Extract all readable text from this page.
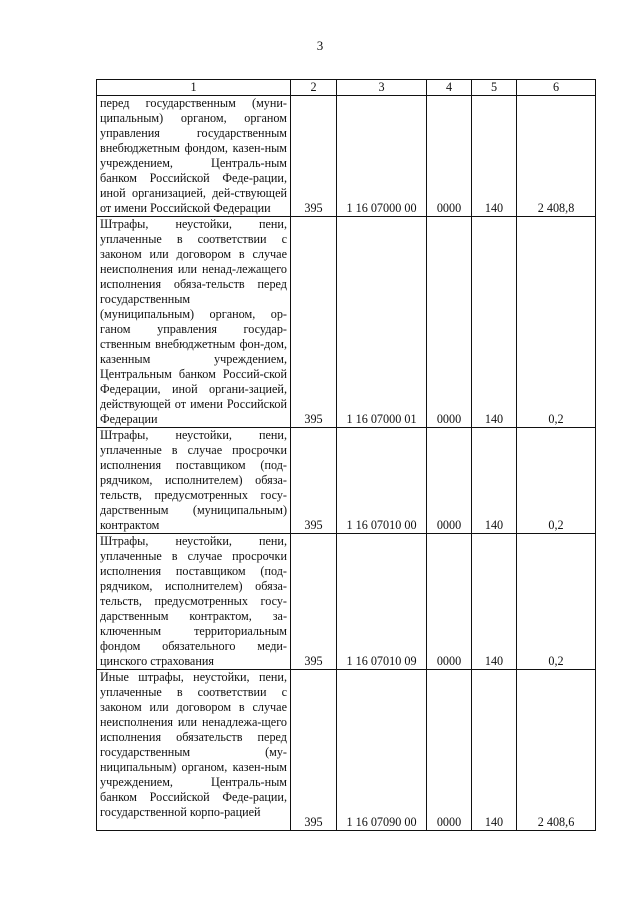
3
1	2	3	4	5	6
перед государственным (муни-ципальным) органом, органом управления государственным внебюджетным фондом, казен-ным учреждением, Централь-ным банком Российской Феде-рации, иной организацией, дей-ствующей от имени Российской Федерации	395	1 16 07000 00	0000	140	2 408,8
Штрафы, неустойки, пени, уплаченные в соответствии с законом или договором в случае неисполнения или ненад-лежащего исполнения обяза-тельств перед государственным (муниципальным) органом, ор-ганом управления государ-ственным внебюджетным фон-дом, казенным учреждением, Центральным банком Россий-ской Федерации, иной органи-зацией, действующей от имени Российской Федерации	395	1 16 07000 01	0000	140	0,2
Штрафы, неустойки, пени, уплаченные в случае просрочки исполнения поставщиком (под-рядчиком, исполнителем) обяза-тельств, предусмотренных госу-дарственным (муниципальным) контрактом	395	1 16 07010 00	0000	140	0,2
Штрафы, неустойки, пени, уплаченные в случае просрочки исполнения поставщиком (под-рядчиком, исполнителем) обяза-тельств, предусмотренных госу-дарственным контрактом, за-ключенным территориальным фондом обязательного меди-цинского страхования	395	1 16 07010 09	0000	140	0,2
Иные штрафы, неустойки, пени, уплаченные в соответствии с законом или договором в случае неисполнения или ненадлежа-щего исполнения обязательств перед государственным (му-ниципальным) органом, казен-ным учреждением, Централь-ным банком Российской Феде-рации, государственной корпо-рацией	395	1 16 07090 00	0000	140	2 408,6
